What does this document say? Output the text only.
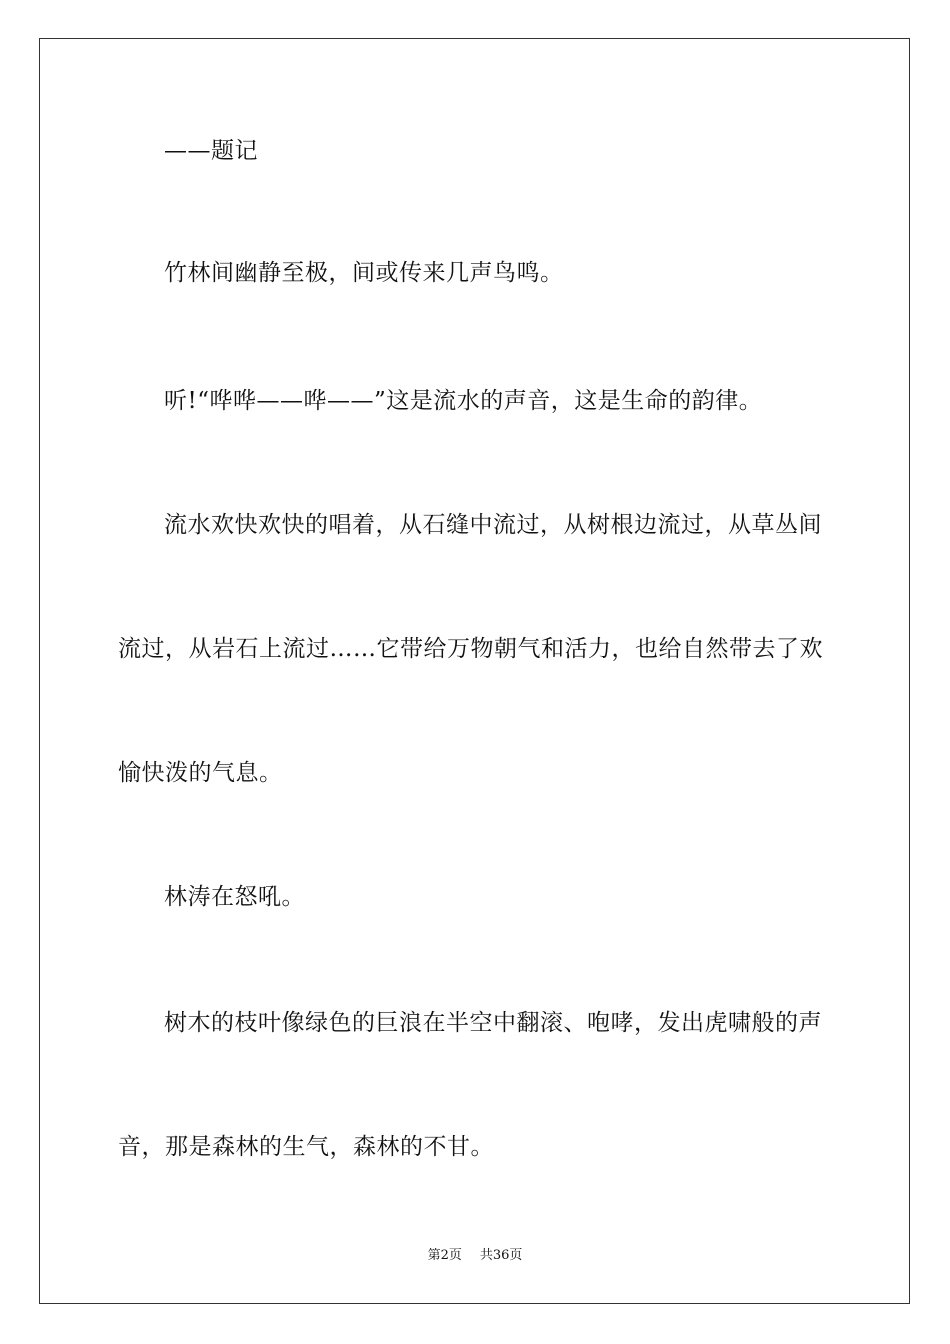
——题记
竹林间幽静至极，间或传来几声鸟鸣。
听!“哗哗——哗——”这是流水的声音，这是生命的韵律。
流水欢快欢快的唱着，从石缝中流过，从树根边流过，从草丛间
流过，从岩石上流过……它带给万物朝气和活力，也给自然带去了欢
愉快泼的气息。
林涛在怒吼。
树木的枝叶像绿色的巨浪在半空中翻滚、咆哮，发出虎啸般的声
音，那是森林的生气，森林的不甘。
第2页 共36页
